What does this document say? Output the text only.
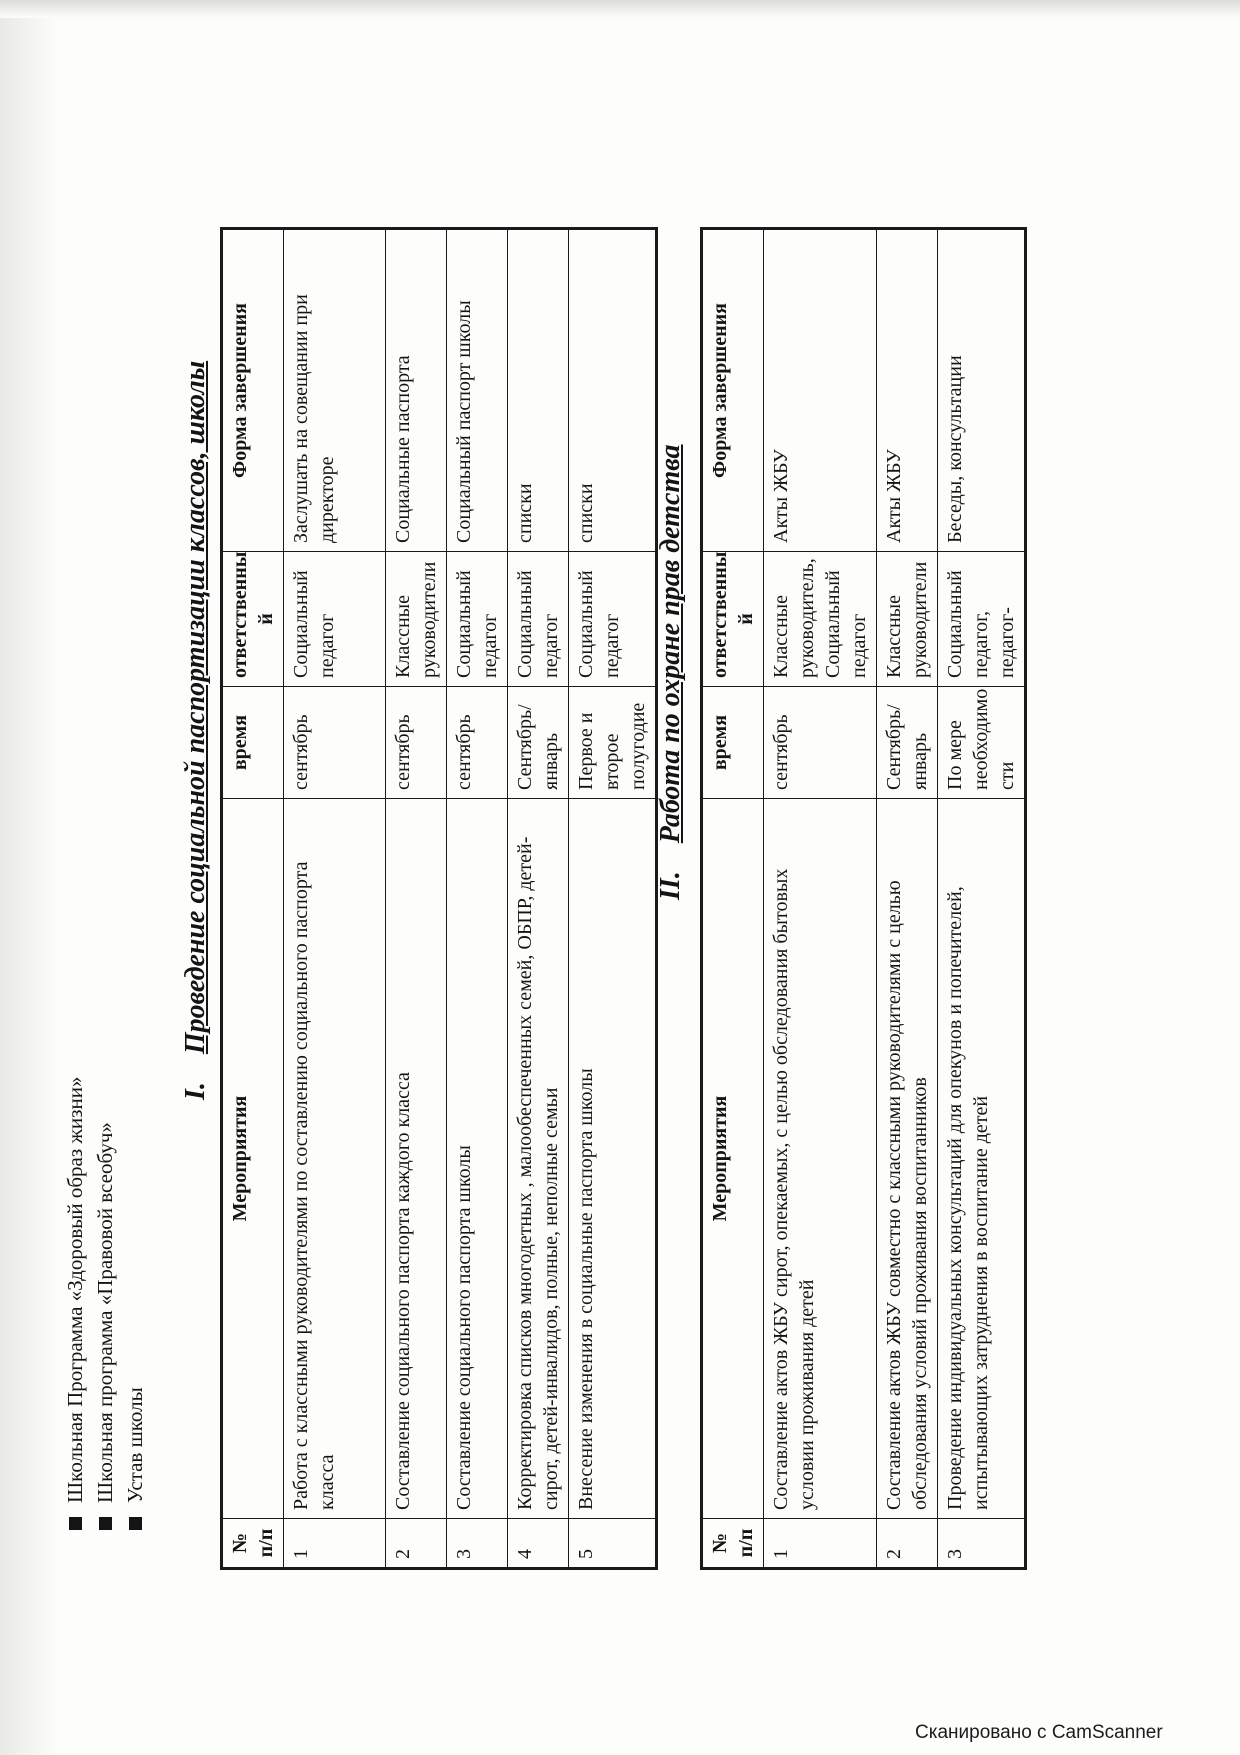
Школьная Программа «Здоровый образ жизни» Школьная программа «Правовой всеобуч» Устав школы
I.Проведение социальной паспортизации классов, школы
№ п/п	Мероприятия	время	ответственны й	Форма завершения
1	Работа с классными руководителями по составлению социального паспорта класса	сентябрь	Социальный педагог	Заслушать на совещании при директоре
2	Составление социального паспорта каждого класса	сентябрь	Классные руководители	Социальные паспорта
3	Составление социального паспорта школы	сентябрь	Социальный педагог	Социальный паспорт школы
4	Корректировка списков многодетных , малообеспеченных семей, ОБПР, детей-сирот, детей-инвалидов, полные, неполные семьи	Сентябрь/ январь	Социальный педагог	списки
5	Внесение изменения в социальные паспорта школы	Первое и второе полугодие	Социальный педагог	списки
II.Работа по охране прав детства
№ п/п	Мероприятия	время	ответственны й	Форма завершения
1	Составление актов ЖБУ сирот, опекаемых, с целью обследования бытовых условии проживания детей	сентябрь	Классные руководитель, Социальный педагог	Акты ЖБУ
2	Составление актов ЖБУ совместно с классными руководителями с целью обследования условий проживания воспитанников	Сентябрь/ январь	Классные руководители	Акты ЖБУ
3	Проведение индивидуальных консультаций для опекунов и попечителей, испытывающих затруднения в воспитание детей	По мере необходимо сти	Социальный педагог, педагог-	Беседы, консультации
Сканировано с CamScanner
